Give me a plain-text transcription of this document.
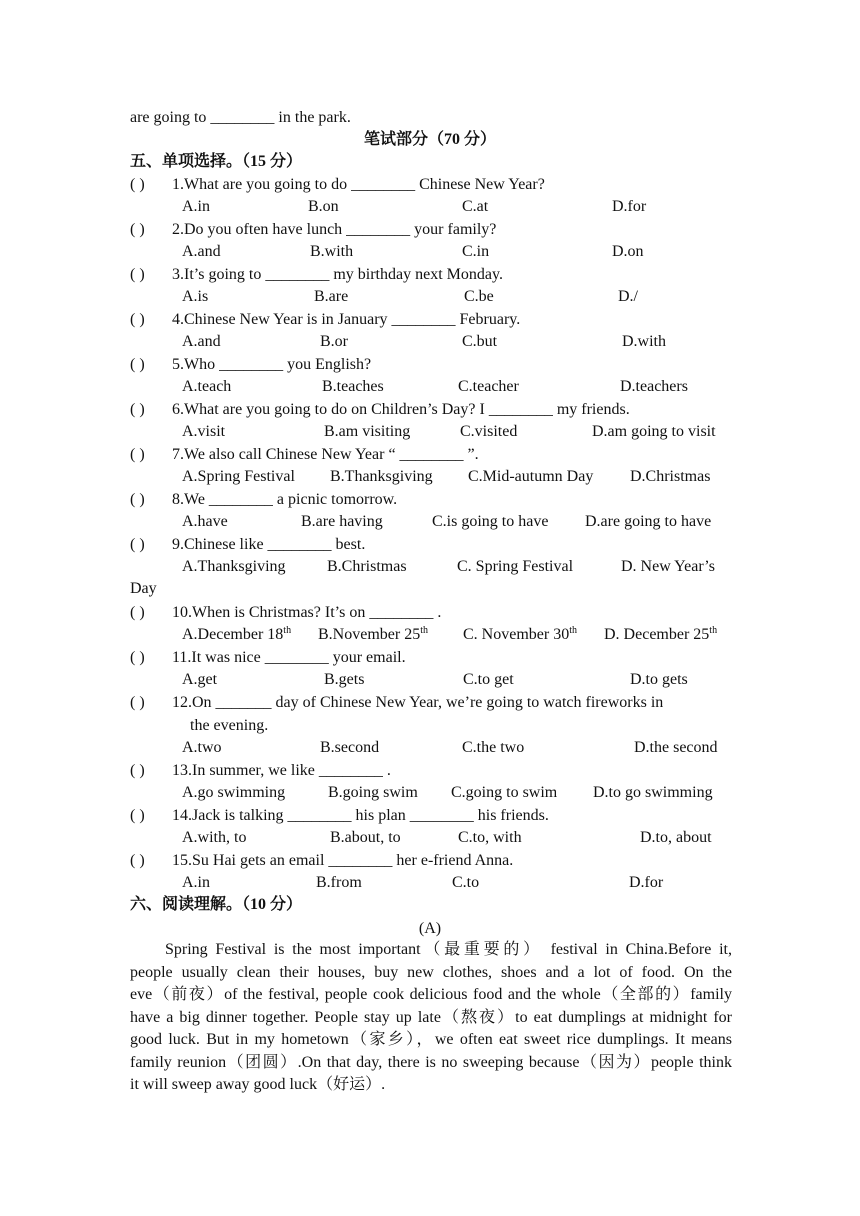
are going to ________ in the park.
笔试部分（70 分）
五、单项选择。（15 分）
( ) 1.What are you going to do ________ Chinese New Year?
A.in	B.on	C.at	D.for
( ) 2.Do you often have lunch ________ your family?
A.and	B.with	C.in	D.on
( ) 3.It’s going to ________ my birthday next Monday.
A.is	B.are	C.be	D./
( ) 4.Chinese New Year is in January ________ February.
A.and	B.or	C.but	D.with
( ) 5.Who ________ you English?
A.teach	B.teaches	C.teacher	D.teachers
( ) 6.What are you going to do on Children’s Day? I ________ my friends.
A.visit	B.am visiting	C.visited	D.am going to visit
( ) 7.We also call Chinese New Year “ ________ ”.
A.Spring Festival B.Thanksgiving C.Mid-autumn Day D.Christmas
( ) 8.We ________ a picnic tomorrow.
A.have	B.are having	C.is going to have D.are going to have
( ) 9.Chinese like ________ best.
A.Thanksgiving	B.Christmas	C. Spring Festival	D. New Year’s
Day
( ) 10.When is Christmas? It’s on ________ .
A.December 18th B.November 25th C. November 30th D. December 25th
( ) 11.It was nice ________ your email.
A.get	B.gets	C.to get	D.to gets
( ) 12.On _______ day of Chinese New Year, we’re going to watch fireworks in
the evening.
A.two	B.second	C.the two	D.the second
( ) 13.In summer, we like ________ .
A.go swimming	B.going swim C.going to swim D.to go swimming
( ) 14.Jack is talking ________ his plan ________ his friends.
A.with, to	B.about, to	C.to, with	D.to, about
( ) 15.Su Hai gets an email ________ her e-friend Anna.
A.in	B.from	C.to	D.for
六、阅读理解。（10 分）
(A)
Spring Festival is the most important（最重要的） festival in China.Before it,
people usually clean their houses, buy new clothes, shoes and a lot of food. On the
eve（前夜）of the festival, people cook delicious food and the whole（全部的）family
have a big dinner together. People stay up late（熬夜）to eat dumplings at midnight for
good luck. But in my hometown（家乡），we often eat sweet rice dumplings. It means
family reunion（团圆）.On that day, there is no sweeping because（因为）people think
it will sweep away good luck（好运）.
